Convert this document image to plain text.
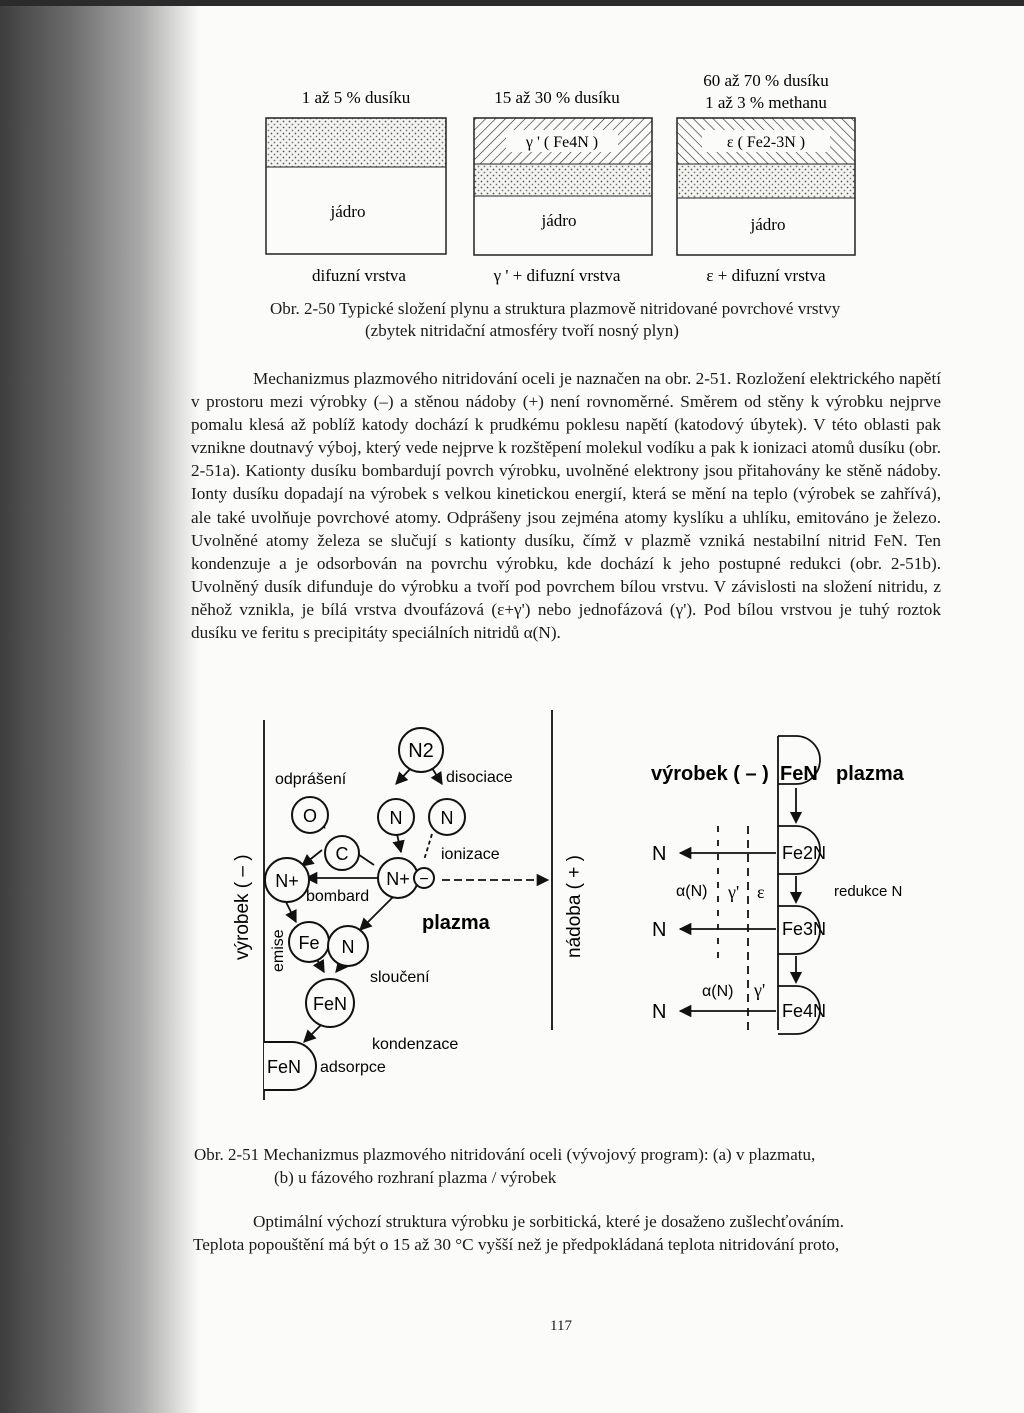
1 až 5 % dusíku
jádro
difuzní vrstva
15 až 30 % dusíku
γ ' ( Fe4N )
jádro
γ ' + difuzní vrstva
60 až 70 % dusíku
1 až 3 % methanu
ε ( Fe2-3N )
jádro
ε + difuzní vrstva
Obr. 2-50 Typické složení plynu a struktura plazmově nitridované povrchové vrstvy
(zbytek nitridační atmosféry tvoří nosný plyn)

Mechanizmus plazmového nitridování oceli je naznačen na obr. 2-51. Rozložení elektrického napětí v prostoru mezi výrobky (–) a stěnou nádoby (+) není rovnoměrné. Směrem od stěny k výrobku nejprve pomalu klesá až poblíž katody dochází k prudkému poklesu napětí (katodový úbytek). V této oblasti pak vznikne doutnavý výboj, který vede nejprve k rozštěpení molekul vodíku a pak k ionizaci atomů dusíku (obr. 2-51a). Kationty dusíku bombardují povrch výrobku, uvolněné elektrony jsou přitahovány ke stěně nádoby. Ionty dusíku dopadají na výrobek s velkou kinetickou energií, která se mění na teplo (výrobek se zahřívá), ale také uvolňuje povrchové atomy. Odprášeny jsou zejména atomy kyslíku a uhlíku, emitováno je železo. Uvolněné atomy železa se slučují s kationty dusíku, čímž v plazmě vzniká nestabilní nitrid FeN. Ten kondenzuje a je odsorbován na povrchu výrobku, kde dochází k jeho postupné redukci (obr. 2-51b). Uvolněný dusík difunduje do výrobku a tvoří pod povrchem bílou vrstvu. V závislosti na složení nitridu, z něhož vznikla, je bílá vrstva dvoufázová (ε+γ') nebo jednofázová (γ'). Pod bílou vrstvou je tuhý roztok dusíku ve feritu s precipitáty speciálních nitridů α(N).

výrobek ( – )	nádoba ( + )
emise
N2
O
C
N N
N+	N+ −
Fe N
FeN
FeN
odprášení	disociace
ionizace
bombard
plazma
sloučení
kondenzace
adsorpce
výrobek ( – ) FeN plazma
Fe2N
Fe3N
Fe4N
N
N
N
α(N) γ' ε
α(N) γ'
redukce N
Obr. 2-51 Mechanizmus plazmového nitridování oceli (vývojový program): (a) v plazmatu,
(b) u fázového rozhraní plazma / výrobek
Optimální výchozí struktura výrobku je sorbitická, které je dosaženo zušlechťováním.
Teplota popouštění má být o 15 až 30 °C vyšší než je předpokládaná teplota nitridování proto,
117
